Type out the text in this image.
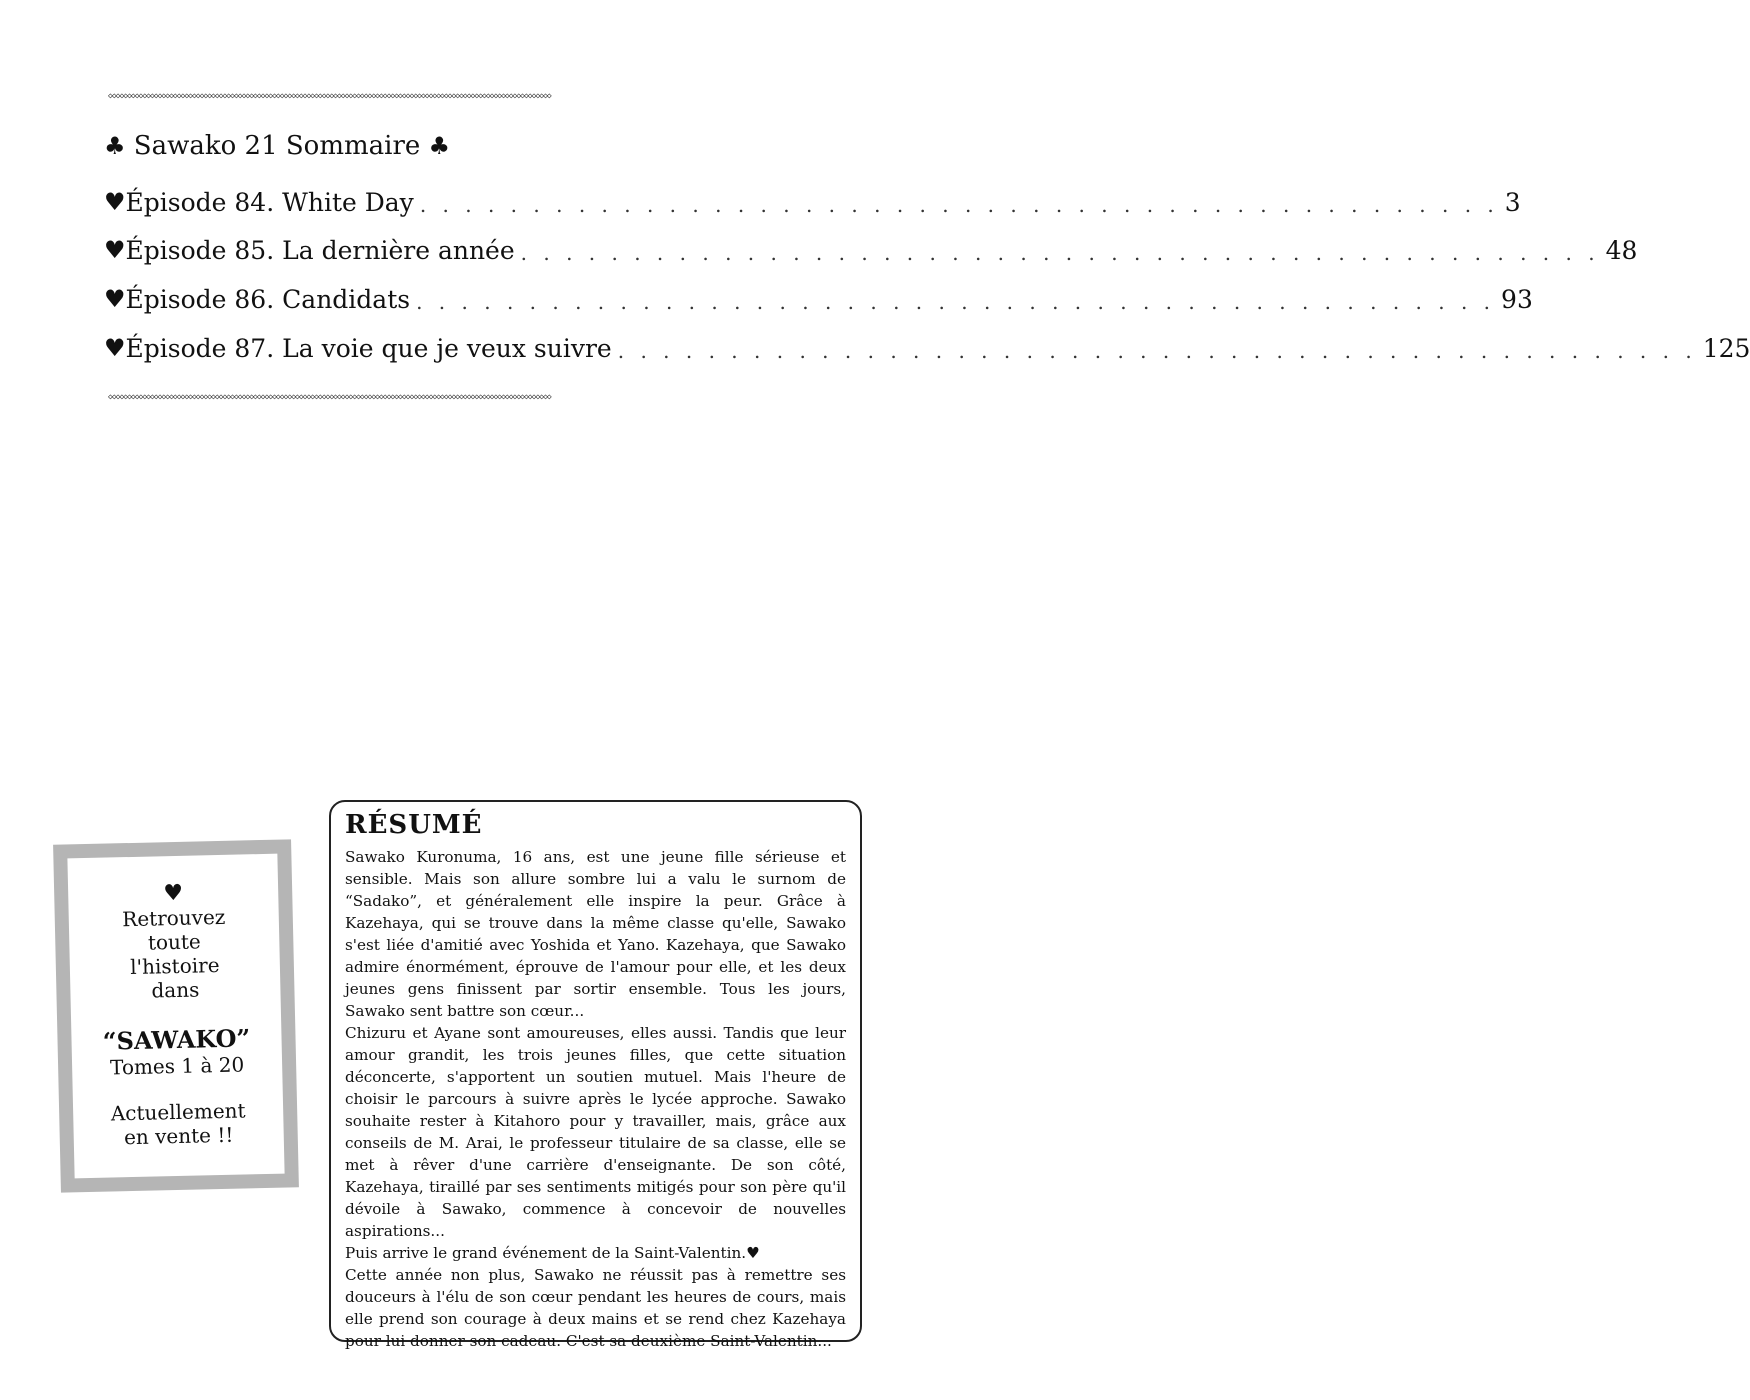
◇◇◇◇◇◇◇◇◇◇◇◇◇◇◇◇◇◇◇◇◇◇◇◇◇◇◇◇◇◇◇◇◇◇◇◇◇◇◇◇◇◇◇◇◇◇◇◇◇◇◇◇◇◇◇◇◇◇◇◇◇◇◇◇◇◇◇◇◇◇◇◇◇◇◇◇◇◇◇◇◇◇◇◇◇◇◇◇◇◇◇◇◇◇◇◇◇◇◇◇◇◇◇◇◇◇◇◇◇◇◇◇◇◇◇◇
♣ Sawako 21 Sommaire ♣
♥ Épisode 84. White Day . . . . . . . . . . . . . . . . . . . . . . . . . . . . . . . . . . . . . . . . . . . . . . . . 3
♥ Épisode 85. La dernière année . . . . . . . . . . . . . . . . . . . . . . . . . . . . . . . . . . . . . . . . . . . . . . . . 48
♥ Épisode 86. Candidats . . . . . . . . . . . . . . . . . . . . . . . . . . . . . . . . . . . . . . . . . . . . . . . . 93
♥ Épisode 87. La voie que je veux suivre . . . . . . . . . . . . . . . . . . . . . . . . . . . . . . . . . . . . . . . . . . . . . . . . 125
◇◇◇◇◇◇◇◇◇◇◇◇◇◇◇◇◇◇◇◇◇◇◇◇◇◇◇◇◇◇◇◇◇◇◇◇◇◇◇◇◇◇◇◇◇◇◇◇◇◇◇◇◇◇◇◇◇◇◇◇◇◇◇◇◇◇◇◇◇◇◇◇◇◇◇◇◇◇◇◇◇◇◇◇◇◇◇◇◇◇◇◇◇◇◇◇◇◇◇◇◇◇◇◇◇◇◇◇◇◇◇◇◇◇◇◇
♥
Retrouvez
toute
l'histoire
dans
“SAWAKO”
Tomes 1 à 20
Actuellement
en vente !!
RÉSUMÉ

Sawako Kuronuma, 16 ans, est une jeune fille sérieuse et sensible. Mais son allure sombre lui a valu le surnom de “Sadako”, et généralement elle inspire la peur. Grâce à Kazehaya, qui se trouve dans la même classe qu'elle, Sawako s'est liée d'amitié avec Yoshida et Yano. Kazehaya, que Sawako admire énormément, éprouve de l'amour pour elle, et les deux jeunes gens finissent par sortir ensemble. Tous les jours, Sawako sent battre son cœur...

Chizuru et Ayane sont amoureuses, elles aussi. Tandis que leur amour grandit, les trois jeunes filles, que cette situation déconcerte, s'apportent un soutien mutuel. Mais l'heure de choisir le parcours à suivre après le lycée approche. Sawako souhaite rester à Kitahoro pour y travailler, mais, grâce aux conseils de M. Arai, le professeur titulaire de sa classe, elle se met à rêver d'une carrière d'enseignante. De son côté, Kazehaya, tiraillé par ses sentiments mitigés pour son père qu'il dévoile à Sawako, commence à concevoir de nouvelles aspirations...

Puis arrive le grand événement de la Saint-Valentin.♥

Cette année non plus, Sawako ne réussit pas à remettre ses douceurs à l'élu de son cœur pendant les heures de cours, mais elle prend son courage à deux mains et se rend chez Kazehaya pour lui donner son cadeau. C'est sa deuxième Saint-Valentin...
